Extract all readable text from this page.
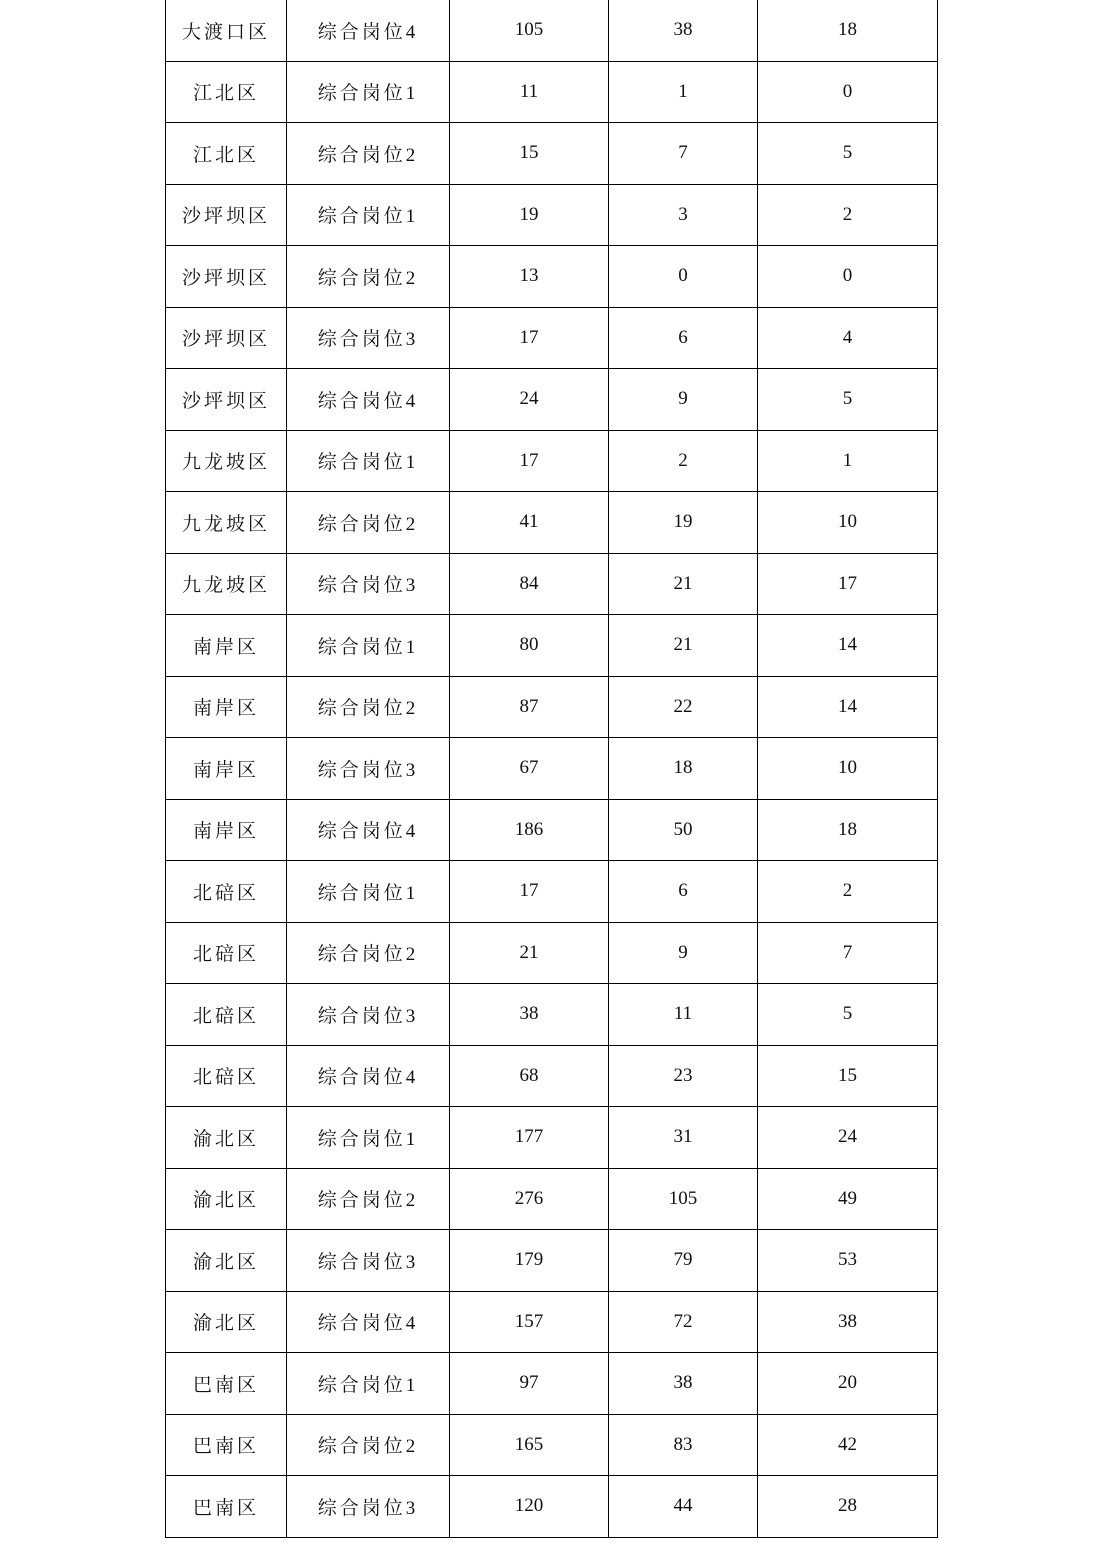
大渡口区	综合岗位4	105	38	18
江北区	综合岗位1	11	1	0
江北区	综合岗位2	15	7	5
沙坪坝区	综合岗位1	19	3	2
沙坪坝区	综合岗位2	13	0	0
沙坪坝区	综合岗位3	17	6	4
沙坪坝区	综合岗位4	24	9	5
九龙坡区	综合岗位1	17	2	1
九龙坡区	综合岗位2	41	19	10
九龙坡区	综合岗位3	84	21	17
南岸区	综合岗位1	80	21	14
南岸区	综合岗位2	87	22	14
南岸区	综合岗位3	67	18	10
南岸区	综合岗位4	186	50	18
北碚区	综合岗位1	17	6	2
北碚区	综合岗位2	21	9	7
北碚区	综合岗位3	38	11	5
北碚区	综合岗位4	68	23	15
渝北区	综合岗位1	177	31	24
渝北区	综合岗位2	276	105	49
渝北区	综合岗位3	179	79	53
渝北区	综合岗位4	157	72	38
巴南区	综合岗位1	97	38	20
巴南区	综合岗位2	165	83	42
巴南区	综合岗位3	120	44	28
